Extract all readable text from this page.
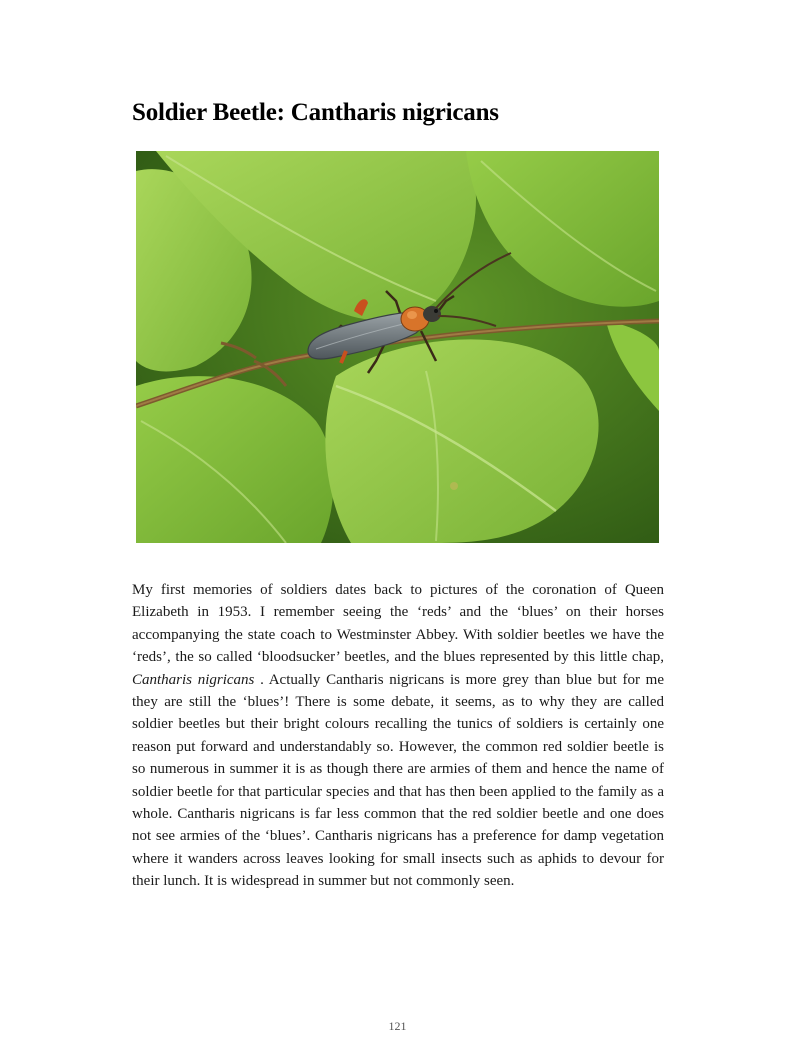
Soldier Beetle: Cantharis nigricans
My first memories of soldiers dates back to pictures of the coronation of Queen Elizabeth in 1953. I remember seeing the ‘reds’ and the ‘blues’ on their horses accompanying the state coach to Westminster Abbey. With soldier beetles we have the ‘reds’, the so called ‘bloodsucker’ beetles, and the blues represented by this little chap, Cantharis nigricans . Actually Cantharis nigricans is more grey than blue but for me they are still the ‘blues’! There is some debate, it seems, as to why they are called soldier beetles but their bright colours recalling the tunics of soldiers is certainly one reason put forward and understandably so. However, the common red soldier beetle is so numerous in summer it is as though there are armies of them and hence the name of soldier beetle for that particular species and that has then been applied to the family as a whole. Cantharis nigricans is far less common that the red soldier beetle and one does not see armies of the ‘blues’. Cantharis nigricans has a preference for damp vegetation where it wanders across leaves looking for small insects such as aphids to devour for their lunch. It is widespread in summer but not commonly seen.
121
